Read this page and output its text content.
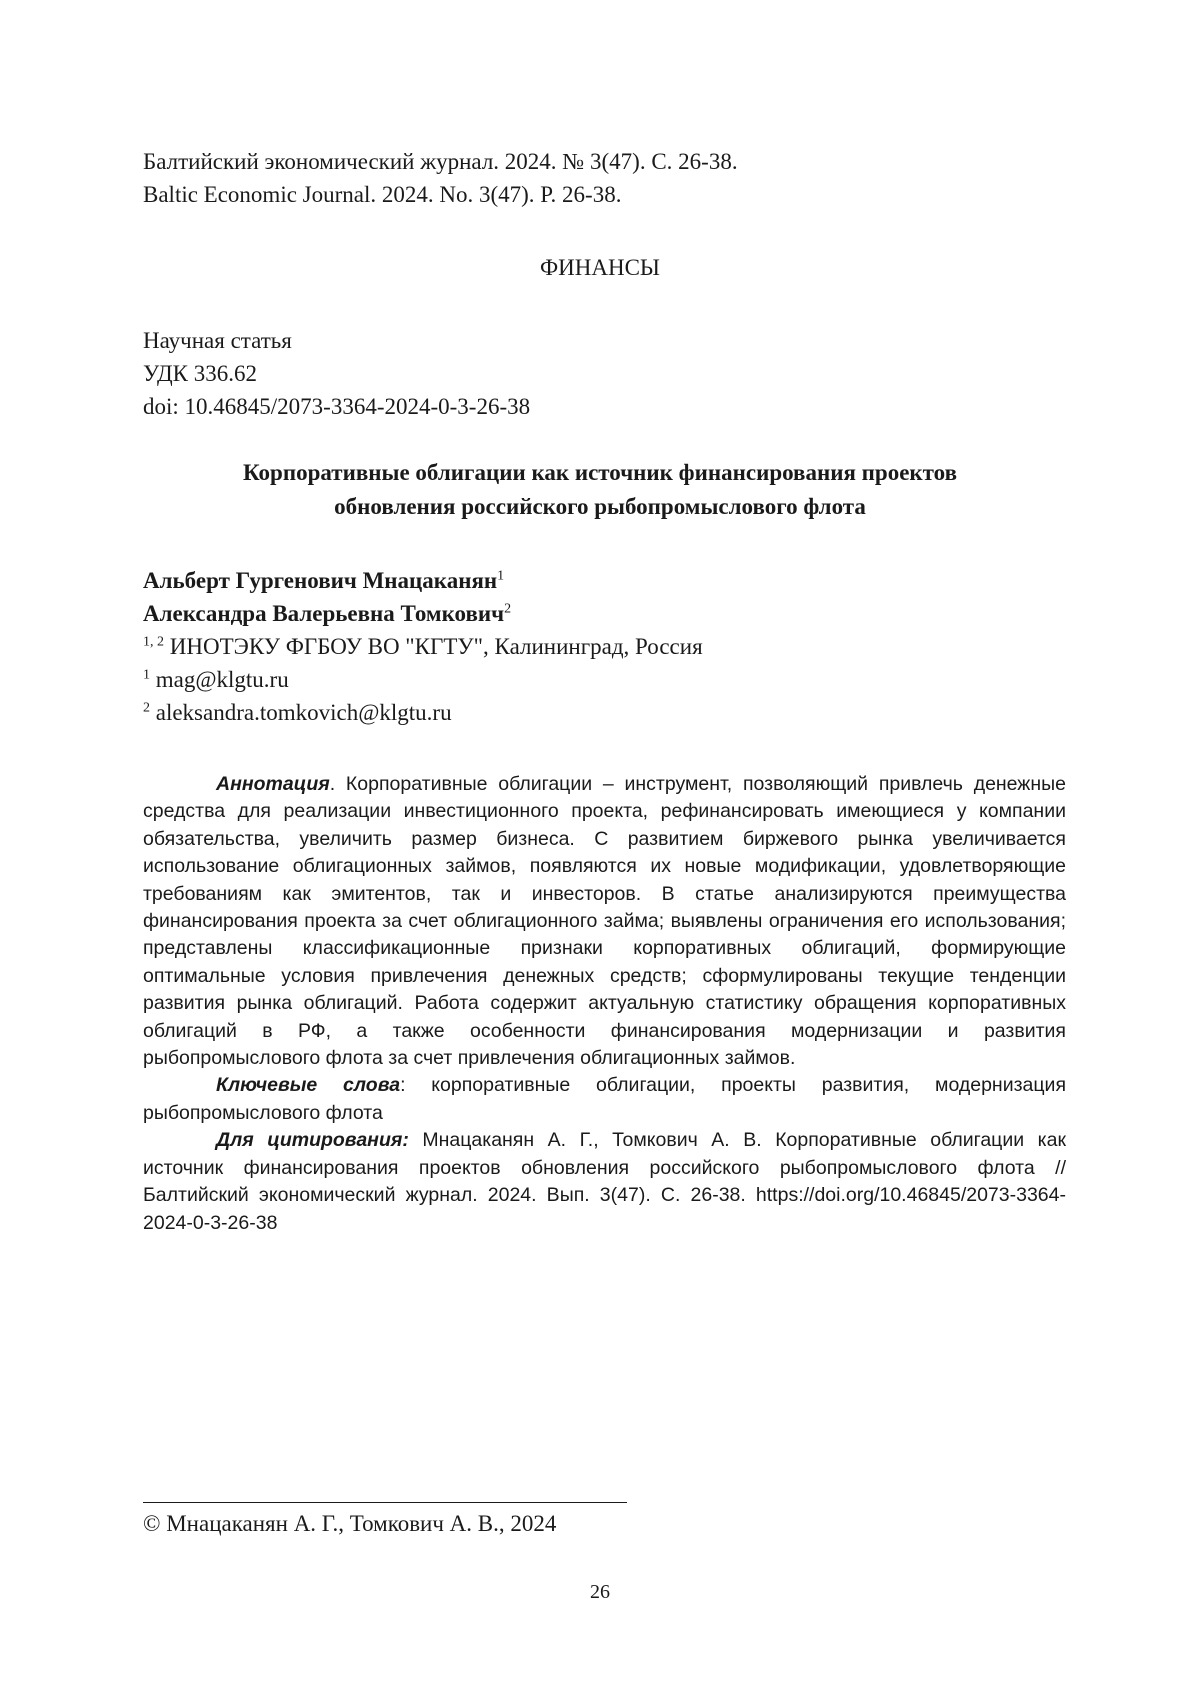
Балтийский экономический журнал. 2024. № 3(47). С. 26-38.
Baltic Economic Journal. 2024. No. 3(47). P. 26-38.
ФИНАНСЫ
Научная статья
УДК 336.62
doi: 10.46845/2073-3364-2024-0-3-26-38
Корпоративные облигации как источник финансирования проектов
обновления российского рыбопромыслового флота
Альберт Гургенович Мнацаканян$^1$
Александра Валерьевна Томкович$^2$
$^{1, 2}$ ИНОТЭКУ ФГБОУ ВО "КГТУ", Калининград, Россия
$^1$ mag@klgtu.ru
$^2$ aleksandra.tomkovich@klgtu.ru

Аннотация. Корпоративные облигации – инструмент, позволяющий привлечь денежные средства для реализации инвестиционного проекта, рефинансировать имеющиеся у компании обязательства, увеличить размер бизнеса. С развитием биржевого рынка увеличивается использование облигационных займов, появляются их новые модификации, удовлетворяющие требованиям как эмитентов, так и инвесторов. В статье анализируются преимущества финансирования проекта за счет облигационного займа; выявлены ограничения его использования; представлены классификационные признаки корпоративных облигаций, формирующие оптимальные условия привлечения денежных средств; сформулированы текущие тенденции развития рынка облигаций. Работа содержит актуальную статистику обращения корпоративных облигаций в РФ, а также особенности финансирования модернизации и развития рыбопромыслового флота за счет привлечения облигационных займов.

Ключевые слова: корпоративные облигации, проекты развития, модернизация рыбопромыслового флота

Для цитирования: Мнацаканян А. Г., Томкович А. В. Корпоративные облигации как источник финансирования проектов обновления российского рыбопромыслового флота // Балтийский экономический журнал. 2024. Вып. 3(47). С. 26-38. https://doi.org/10.46845/2073-3364-2024-0-3-26-38

© Мнацаканян А. Г., Томкович А. В., 2024
26
